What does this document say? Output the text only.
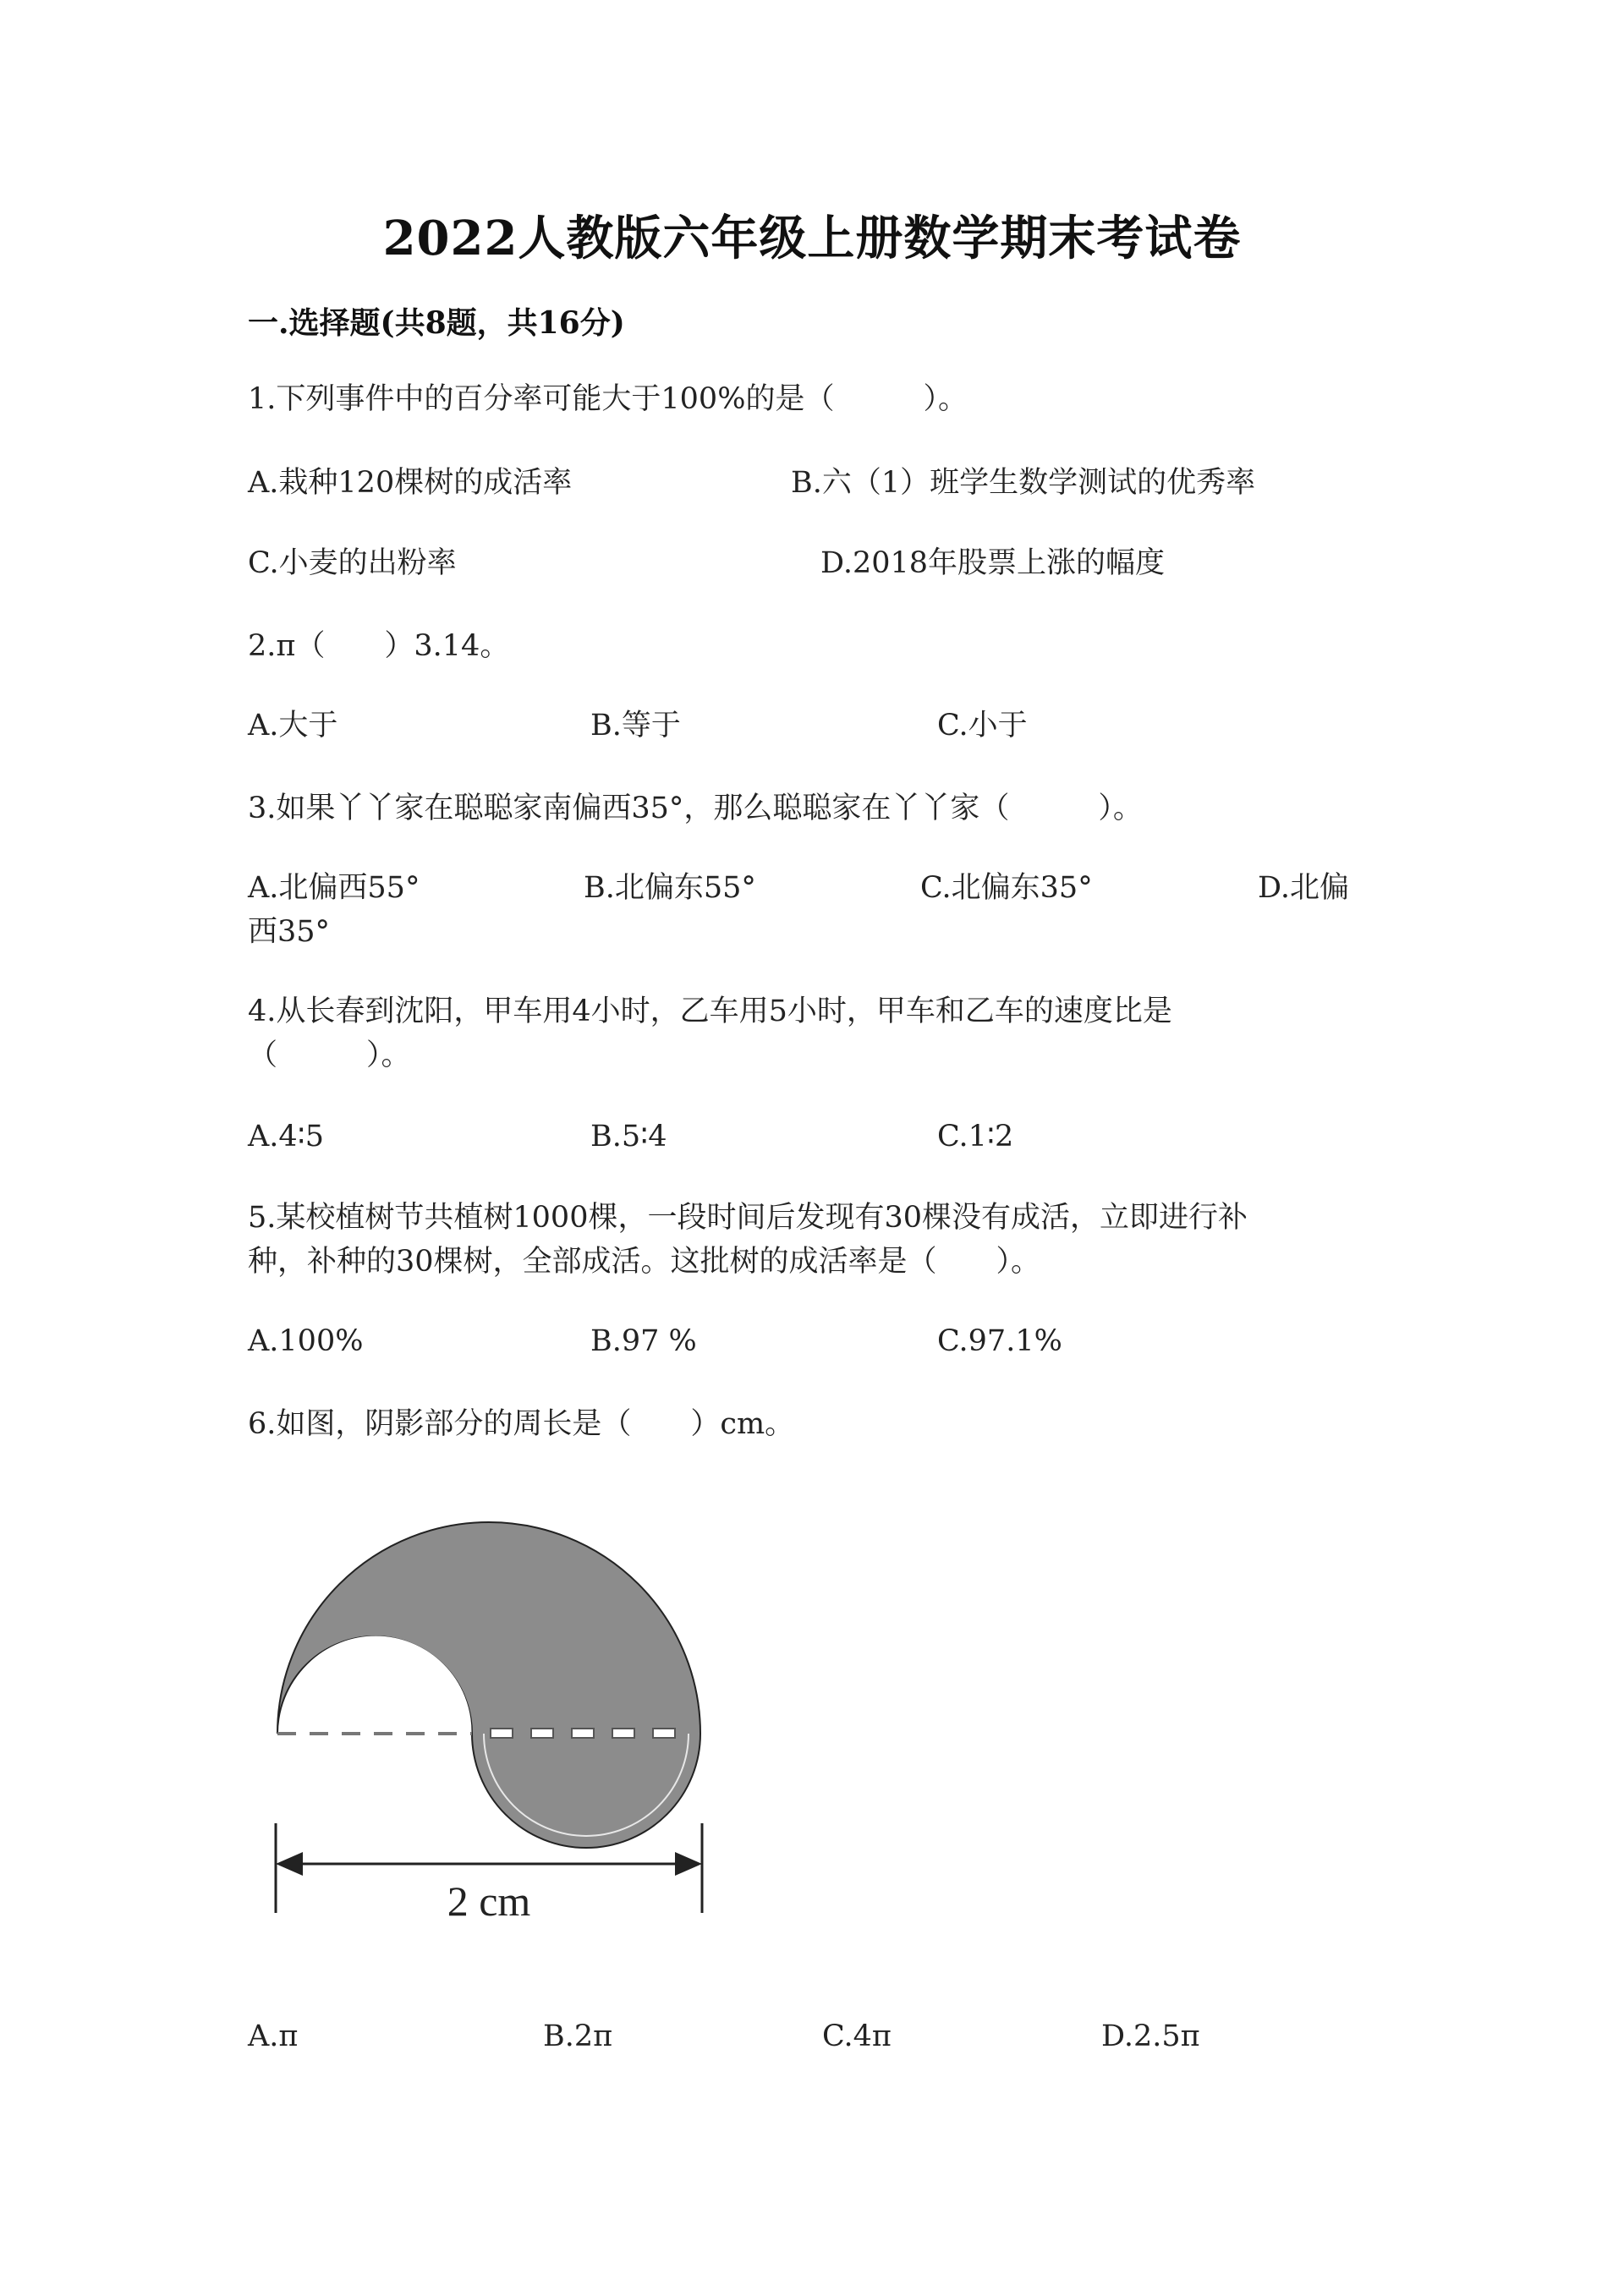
2022人教版六年级上册数学期末考试卷
一.选择题(共8题，共16分)
1.下列事件中的百分率可能大于100%的是（　　　）。
A.栽种120棵树的成活率	B.六（1）班学生数学测试的优秀率
C.小麦的出粉率	D.2018年股票上涨的幅度
2.π（　　）3.14。
A.大于	B.等于	C.小于
3.如果丫丫家在聪聪家南偏西35°，那么聪聪家在丫丫家（　　　）。
A.北偏西55°	B.北偏东55°	C.北偏东35°	D.北偏
西35°
4.从长春到沈阳，甲车用4小时，乙车用5小时，甲车和乙车的速度比是
（　　　）。
A.4∶5	B.5∶4	C.1∶2
5.某校植树节共植树1000棵，一段时间后发现有30棵没有成活，立即进行补
种，补种的30棵树，全部成活。这批树的成活率是（　　）。
A.100%	B.97 %	C.97.1%
6.如图，阴影部分的周长是（　　）cm。
2 cm
A.π	B.2π	C.4π	D.2.5π
